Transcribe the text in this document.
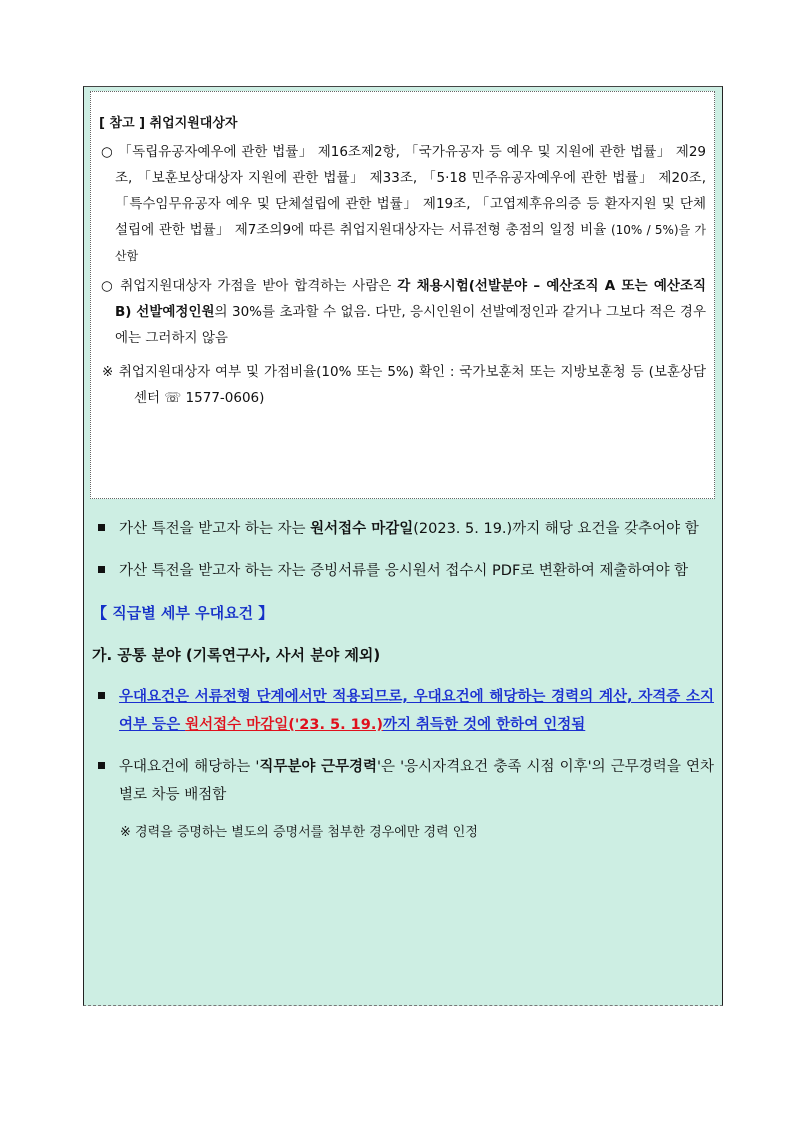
[ 참고 ] 취업지원대상자

○ 「독립유공자예우에 관한 법률」 제16조제2항, 「국가유공자 등 예우 및 지원에 관한 법률」 제29조, 「보훈보상대상자 지원에 관한 법률」 제33조, 「5·18 민주유공자예우에 관한 법률」 제20조, 「특수임무유공자 예우 및 단체설립에 관한 법률」 제19조, 「고엽제후유의증 등 환자지원 및 단체설립에 관한 법률」 제7조의9에 따른 취업지원대상자는 서류전형 총점의 일정 비율 (10% / 5%)을 가산함

○ 취업지원대상자 가점을 받아 합격하는 사람은 각 채용시험(선발분야 – 예산조직 A 또는 예산조직 B) 선발예정인원의 30%를 초과할 수 없음. 다만, 응시인원이 선발예정인과 같거나 그보다 적은 경우에는 그러하지 않음

※ 취업지원대상자 여부 및 가점비율(10% 또는 5%) 확인 : 국가보훈처 또는 지방보훈청 등 (보훈상담센터 ☏ 1577-0606)

가산 특전을 받고자 하는 자는 원서접수 마감일(2023. 5. 19.)까지 해당 요건을 갖추어야 함

가산 특전을 받고자 하는 자는 증빙서류를 응시원서 접수시 PDF로 변환하여 제출하여야 함

【 직급별 세부 우대요건 】

가. 공통 분야 (기록연구사, 사서 분야 제외)

우대요건은 서류전형 단계에서만 적용되므로, 우대요건에 해당하는 경력의 계산, 자격증 소지여부 등은 원서접수 마감일('23. 5. 19.)까지 취득한 것에 한하여 인정됨

우대요건에 해당하는 '직무분야 근무경력'은 '응시자격요건 충족 시점 이후'의 근무경력을 연차별로 차등 배점함

※ 경력을 증명하는 별도의 증명서를 첨부한 경우에만 경력 인정
